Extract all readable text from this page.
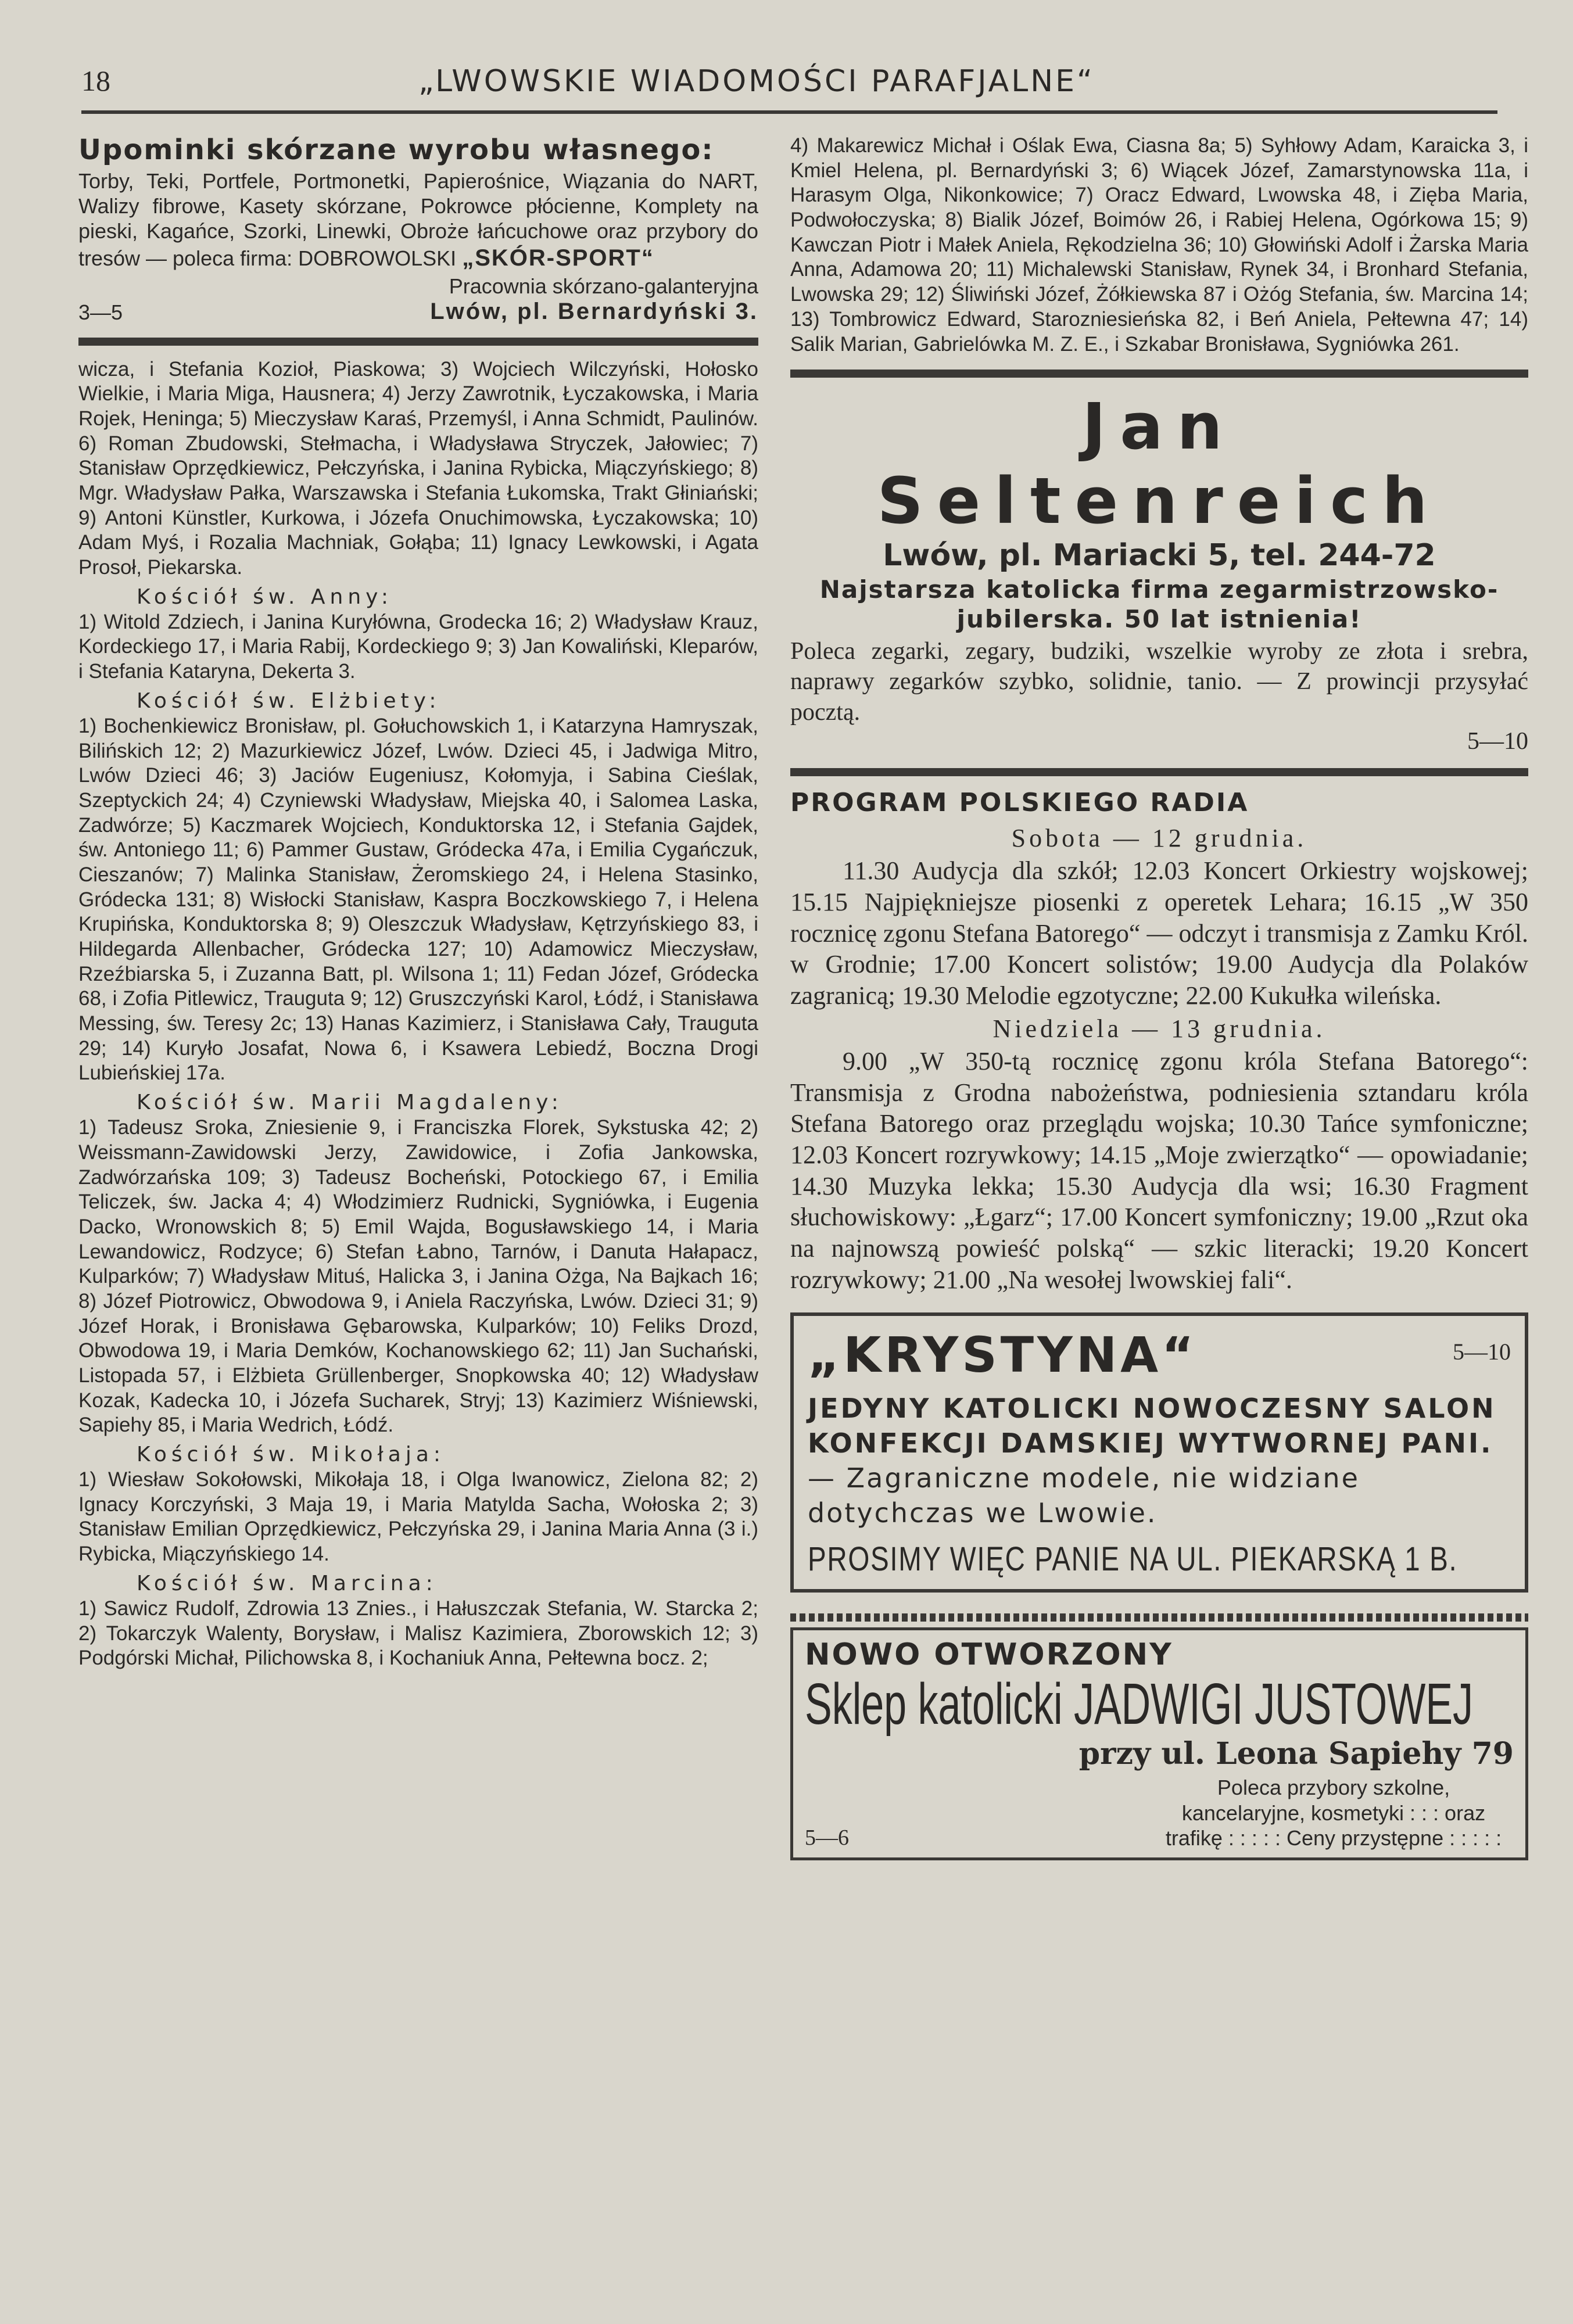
18	„LWOWSKIE WIADOMOŚCI PARAFJALNE“
Upominki skórzane wyrobu własnego:
Torby, Teki, Portfele, Portmonetki, Papierośnice, Wiązania do NART, Walizy fibrowe, Kasety skórzane, Pokrowce płócienne, Komplety na pieski, Kagańce, Szorki, Linewki, Obroże łańcuchowe oraz przybory do tresów — poleca firma: DOBROWOLSKI „SKÓR-SPORT“
3—5
Pracownia skórzano-galanteryjna
Lwów, pl. Bernardyński 3.

wicza, i Stefania Kozioł, Piaskowa; 3) Wojciech Wilczyński, Hołosko Wielkie, i Maria Miga, Hausnera; 4) Jerzy Zawrotnik, Łyczakowska, i Maria Rojek, Heninga; 5) Mieczysław Karaś, Przemyśl, i Anna Schmidt, Paulinów. 6) Roman Zbudowski, Stełmacha, i Władysława Stryczek, Jałowiec; 7) Stanisław Oprzędkiewicz, Pełczyńska, i Janina Rybicka, Miączyńskiego; 8) Mgr. Władysław Pałka, Warszawska i Stefania Łukomska, Trakt Głiniański; 9) Antoni Künstler, Kurkowa, i Józefa Onuchimowska, Łyczakowska; 10) Adam Myś, i Rozalia Machniak, Gołąba; 11) Ignacy Lewkowski, i Agata Prosoł, Piekarska.

Kościół św. Anny:

1) Witold Zdziech, i Janina Kuryłówna, Grodecka 16; 2) Władysław Krauz, Kordeckiego 17, i Maria Rabij, Kordeckiego 9; 3) Jan Kowaliński, Kleparów, i Stefania Kataryna, Dekerta 3.

Kościół św. Elżbiety:

1) Bochenkiewicz Bronisław, pl. Gołuchowskich 1, i Katarzyna Hamryszak, Bilińskich 12; 2) Mazurkiewicz Józef, Lwów. Dzieci 45, i Jadwiga Mitro, Lwów Dzieci 46; 3) Jaciów Eugeniusz, Kołomyja, i Sabina Cieślak, Szeptyckich 24; 4) Czyniewski Władysław, Miejska 40, i Salomea Laska, Zadwórze; 5) Kaczmarek Wojciech, Konduktorska 12, i Stefania Gajdek, św. Antoniego 11; 6) Pammer Gustaw, Gródecka 47a, i Emilia Cygańczuk, Cieszanów; 7) Malinka Stanisław, Żeromskiego 24, i Helena Stasinko, Gródecka 131; 8) Wisłocki Stanisław, Kaspra Boczkowskiego 7, i Helena Krupińska, Konduktorska 8; 9) Oleszczuk Władysław, Kętrzyńskiego 83, i Hildegarda Allenbacher, Gródecka 127; 10) Adamowicz Mieczysław, Rzeźbiarska 5, i Zuzanna Batt, pl. Wilsona 1; 11) Fedan Józef, Gródecka 68, i Zofia Pitlewicz, Trauguta 9; 12) Gruszczyński Karol, Łódź, i Stanisława Messing, św. Teresy 2c; 13) Hanas Kazimierz, i Stanisława Cały, Trauguta 29; 14) Kuryło Josafat, Nowa 6, i Ksawera Lebiedź, Boczna Drogi Lubieńskiej 17a.

Kościół św. Marii Magdaleny:

1) Tadeusz Sroka, Zniesienie 9, i Franciszka Florek, Sykstuska 42; 2) Weissmann-Zawidowski Jerzy, Zawidowice, i Zofia Jankowska, Zadwórzańska 109; 3) Tadeusz Bocheński, Potockiego 67, i Emilia Teliczek, św. Jacka 4; 4) Włodzimierz Rudnicki, Sygniówka, i Eugenia Dacko, Wronowskich 8; 5) Emil Wajda, Bogusławskiego 14, i Maria Lewandowicz, Rodzyce; 6) Stefan Łabno, Tarnów, i Danuta Hałapacz, Kulparków; 7) Władysław Mituś, Halicka 3, i Janina Ożga, Na Bajkach 16; 8) Józef Piotrowicz, Obwodowa 9, i Aniela Raczyńska, Lwów. Dzieci 31; 9) Józef Horak, i Bronisława Gębarowska, Kulparków; 10) Feliks Drozd, Obwodowa 19, i Maria Demków, Kochanowskiego 62; 11) Jan Suchański, Listopada 57, i Elżbieta Grüllenberger, Snopkowska 40; 12) Władysław Kozak, Kadecka 10, i Józefa Sucharek, Stryj; 13) Kazimierz Wiśniewski, Sapiehy 85, i Maria Wedrich, Łódź.

Kościół św. Mikołaja:

1) Wiesław Sokołowski, Mikołaja 18, i Olga Iwanowicz, Zielona 82; 2) Ignacy Korczyński, 3 Maja 19, i Maria Matylda Sacha, Wołoska 2; 3) Stanisław Emilian Oprzędkiewicz, Pełczyńska 29, i Janina Maria Anna (3 i.) Rybicka, Miączyńskiego 14.

Kościół św. Marcina:

1) Sawicz Rudolf, Zdrowia 13 Znies., i Hałuszczak Stefania, W. Starcka 2; 2) Tokarczyk Walenty, Borysław, i Malisz Kazimiera, Zborowskich 12; 3) Podgórski Michał, Pilichowska 8, i Kochaniuk Anna, Pełtewna bocz. 2;

4) Makarewicz Michał i Oślak Ewa, Ciasna 8a; 5) Syhłowy Adam, Karaicka 3, i Kmiel Helena, pl. Bernardyński 3; 6) Wiącek Józef, Zamarstynowska 11a, i Harasym Olga, Nikonkowice; 7) Oracz Edward, Lwowska 48, i Zięba Maria, Podwołoczyska; 8) Bialik Józef, Boimów 26, i Rabiej Helena, Ogórkowa 15; 9) Kawczan Piotr i Małek Aniela, Rękodzielna 36; 10) Głowiński Adolf i Żarska Maria Anna, Adamowa 20; 11) Michalewski Stanisław, Rynek 34, i Bronhard Stefania, Lwowska 29; 12) Śliwiński Józef, Żółkiewska 87 i Ożóg Stefania, św. Marcina 14; 13) Tombrowicz Edward, Starozniesieńska 82, i Beń Aniela, Pełtewna 47; 14) Salik Marian, Gabrielówka M. Z. E., i Szkabar Bronisława, Sygniówka 261.

Jan Seltenreich
Lwów, pl. Mariacki 5, tel. 244-72
Najstarsza katolicka firma zegarmistrzowsko-jubilerska. 50 lat istnienia!

Poleca zegarki, zegary, budziki, wszelkie wyroby ze złota i srebra, naprawy zegarków szybko, solidnie, tanio. — Z prowincji przysyłać pocztą.

5—10
PROGRAM POLSKIEGO RADIA
Sobota — 12 grudnia.

11.30 Audycja dla szkół; 12.03 Koncert Orkiestry wojskowej; 15.15 Najpiękniejsze piosenki z operetek Lehara; 16.15 „W 350 rocznicę zgonu Stefana Batorego“ — odczyt i transmisja z Zamku Król. w Grodnie; 17.00 Koncert solistów; 19.00 Audycja dla Polaków zagranicą; 19.30 Melodie egzotyczne; 22.00 Kukułka wileńska.

Niedziela — 13 grudnia.

9.00 „W 350-tą rocznicę zgonu króla Stefana Batorego“: Transmisja z Grodna nabożeństwa, podniesienia sztandaru króla Stefana Batorego oraz przeglądu wojska; 10.30 Tańce symfoniczne; 12.03 Koncert rozrywkowy; 14.15 „Moje zwierzątko“ — opowiadanie; 14.30 Muzyka lekka; 15.30 Audycja dla wsi; 16.30 Fragment słuchowiskowy: „Łgarz“; 17.00 Koncert symfoniczny; 19.00 „Rzut oka na najnowszą powieść polską“ — szkic literacki; 19.20 Koncert rozrywkowy; 21.00 „Na wesołej lwowskiej fali“.

„KRYSTYNA“	5—10

JEDYNY KATOLICKI NOWOCZESNY SALON KONFEKCJI DAMSKIEJ WYTWORNEJ PANI.

— Zagraniczne modele, nie widziane dotychczas we Lwowie.

PROSIMY WIĘC PANIE NA UL. PIEKARSKĄ 1 B.
NOWO OTWORZONY
Sklep katolicki JADWIGI JUSTOWEJ
przy ul. Leona Sapiehy 79
5—6
Poleca przybory szkolne, kancelaryjne, kosmetyki : : : oraz trafikę : : : : : Ceny przystępne : : : : :
